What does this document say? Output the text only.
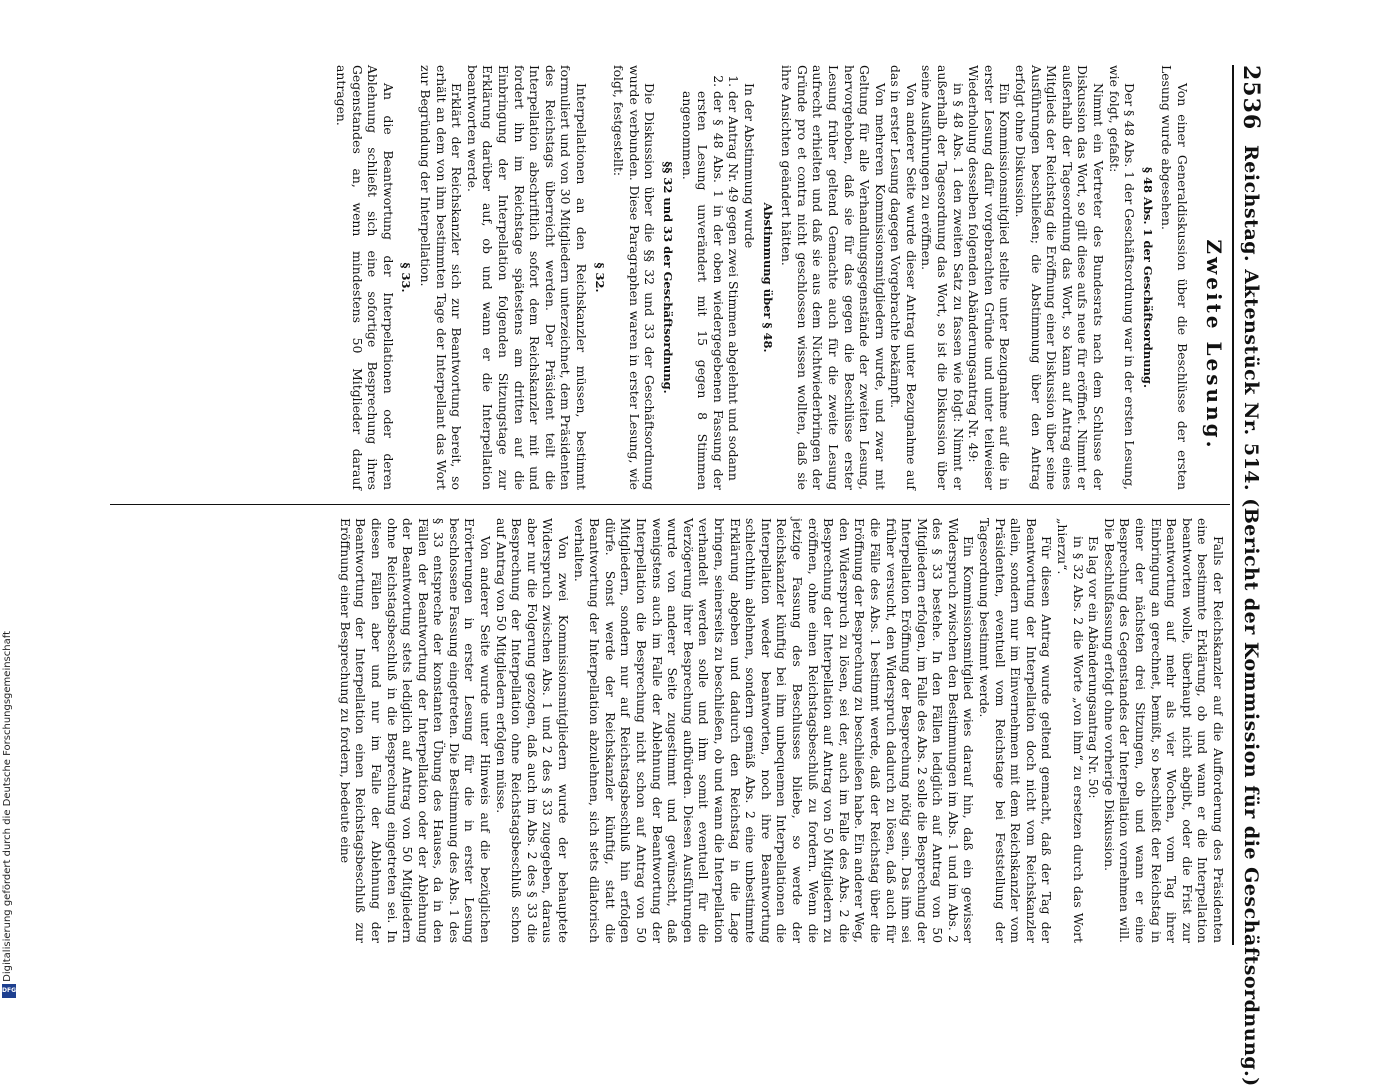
Digitalisierung gefördert durch die Deutsche Forschungsgemeinschaft
DFG
2536
Reichstag. Aktenstück Nr. 514. (Bericht der Kommission für die Geschäftsordnung.)
Zweite Lesung.

Von einer Generaldiskussion über die Beschlüsse der ersten Lesung wurde abgesehen.

§ 48 Abs. 1 der Geschäftsordnung.

Der § 48 Abs. 1 der Geschäftsordnung war in der ersten Lesung, wie folgt, gefaßt:

Nimmt ein Vertreter des Bundesrats nach dem Schlusse der Diskussion das Wort, so gilt diese aufs neue für eröffnet. Nimmt er außerhalb der Tagesordnung das Wort, so kann auf Antrag eines Mitglieds der Reichstag die Eröffnung einer Diskussion über seine Ausführungen beschließen; die Abstimmung über den Antrag erfolgt ohne Diskussion.

Ein Kommissionsmitglied stellte unter Bezugnahme auf die in erster Lesung dafür vorgebrachten Gründe und unter teilweiser Wiederholung desselben folgenden Abänderungsantrag Nr. 49:

in § 48 Abs. 1 den zweiten Satz zu fassen wie folgt: Nimmt er außerhalb der Tagesordnung das Wort, so ist die Diskussion über seine Ausführungen zu eröffnen.

Von anderer Seite wurde dieser Antrag unter Bezugnahme auf das in erster Lesung dagegen Vorgebrachte bekämpft.

Von mehreren Kommissionsmitgliedern wurde, und zwar mit Geltung für alle Verhandlungsgegenstände der zweiten Lesung, hervorgehoben, daß sie für das gegen die Beschlüsse erster Lesung früher geltend Gemachte auch für die zweite Lesung aufrecht erhielten und daß sie aus dem Nichtwiederbringen der Gründe pro et contra nicht geschlossen wissen wollten, daß sie ihre Ansichten geändert hätten.

Abstimmung über § 48.

In der Abstimmung wurde

1. der Antrag Nr. 49 gegen zwei Stimmen abgelehnt und sodann
2. der § 48 Abs. 1 in der oben wiedergegebenen Fassung der ersten Lesung unverändert mit 15 gegen 8 Stimmen angenommen.

§§ 32 und 33 der Geschäftsordnung.

Die Diskussion über die §§ 32 und 33 der Geschäftsordnung wurde verbunden. Diese Paragraphen waren in erster Lesung, wie folgt, festgestellt:

§ 32.

Interpellationen an den Reichskanzler müssen, bestimmt formuliert und von 30 Mitgliedern unterzeichnet, dem Präsidenten des Reichstags überreicht werden. Der Präsident teilt die Interpellation abschriftlich sofort dem Reichskanzler mit und fordert ihn im Reichstage spätestens am dritten auf die Einbringung der Interpellation folgenden Sitzungstage zur Erklärung darüber auf, ob und wann er die Interpellation beantworten werde.

Erklärt der Reichskanzler sich zur Beantwortung bereit, so erhält an dem von ihm bestimmten Tage der Interpellant das Wort zur Begründung der Interpellation.

§ 33.

An die Beantwortung der Interpellationen oder deren Ablehnung schließt sich eine sofortige Besprechung ihres Gegenstandes an, wenn mindestens 50 Mitglieder darauf antragen.

Falls der Reichskanzler auf die Aufforderung des Präsidenten eine bestimmte Erklärung, ob und wann er die Interpellation beantworten wolle, überhaupt nicht abgibt, oder die Frist zur Beantwortung auf mehr als vier Wochen, vom Tag ihrer Einbringung an gerechnet, bemißt, so beschließt der Reichstag in einer der nächsten drei Sitzungen, ob und wann er eine Besprechung des Gegenstandes der Interpellation vornehmen will. Die Beschlußfassung erfolgt ohne vorherige Diskussion.

Es lag vor ein Abänderungsantrag Nr. 50:

in § 32 Abs. 2 die Worte „von ihm“ zu ersetzen durch das Wort „hierzu“.

Für diesen Antrag wurde geltend gemacht, daß der Tag der Beantwortung der Interpellation doch nicht vom Reichskanzler allein, sondern nur im Einvernehmen mit dem Reichskanzler vom Präsidenten, eventuell vom Reichstage bei Feststellung der Tagesordnung bestimmt werde.

Ein Kommissionsmitglied wies darauf hin, daß ein gewisser Widerspruch zwischen den Bestimmungen im Abs. 1 und im Abs. 2 des § 33 bestehe. In den Fällen lediglich auf Antrag von 50 Mitgliedern erfolgen, im Falle des Abs. 2 solle die Besprechung der Interpellation Eröffnung der Besprechung nötig sein. Das ihm sei früher versucht, den Widerspruch dadurch zu lösen, daß auch für die Fälle des Abs. 1 bestimmt werde, daß der Reichstag über die Eröffnung der Besprechung zu beschließen habe. Ein anderer Weg, den Widerspruch zu lösen, sei der, auch im Falle des Abs. 2 die Besprechung der Interpellation auf Antrag von 50 Mitgliedern zu eröffnen, ohne einen Reichstagsbeschluß zu fordern. Wenn die jetzige Fassung des Beschlusses bliebe, so werde der Reichskanzler künftig bei ihm unbequemen Interpellationen die Interpellation weder beantworten, noch ihre Beantwortung schlechthin ablehnen, sondern gemäß Abs. 2 eine unbestimmte Erklärung abgeben und dadurch den Reichstag in die Lage bringen, seinerseits zu beschließen, ob und wann die Interpellation verhandelt werden solle und ihm somit eventuell für die Verzögerung ihrer Besprechung aufbürden. Diesen Ausführungen wurde von anderer Seite zugestimmt und gewünscht, daß wenigstens auch im Falle der Ablehnung der Beantwortung der Interpellation die Besprechung nicht schon auf Antrag von 50 Mitgliedern, sondern nur auf Reichstagsbeschluß hin erfolgen dürfe. Sonst werde der Reichskanzler künftig, statt die Beantwortung der Interpellation abzulehnen, sich stets dilatorisch verhalten.

Von zwei Kommissionsmitgliedern wurde der behauptete Widerspruch zwischen Abs. 1 und 2 des § 33 zugegeben, daraus aber nur die Folgerung gezogen, daß auch im Abs. 2 des § 33 die Besprechung der Interpellation ohne Reichstagsbeschluß schon auf Antrag von 50 Mitgliedern erfolgen müsse.

Von anderer Seite wurde unter Hinweis auf die bezüglichen Erörterungen in erster Lesung für die in erster Lesung beschlossene Fassung eingetreten. Die Bestimmung des Abs. 1 des § 33 entspreche der konstanten Übung des Hauses, da in den Fällen der Beantwortung der Interpellation oder der Ablehnung der Beantwortung stets lediglich auf Antrag von 50 Mitgliedern ohne Reichstagsbeschluß in die Besprechung eingetreten sei. In diesen Fällen aber und nur im Falle der Ablehnung der Beantwortung der Interpellation einen Reichstagsbeschluß zur Eröffnung einer Besprechung zu fordern, bedeute eine
